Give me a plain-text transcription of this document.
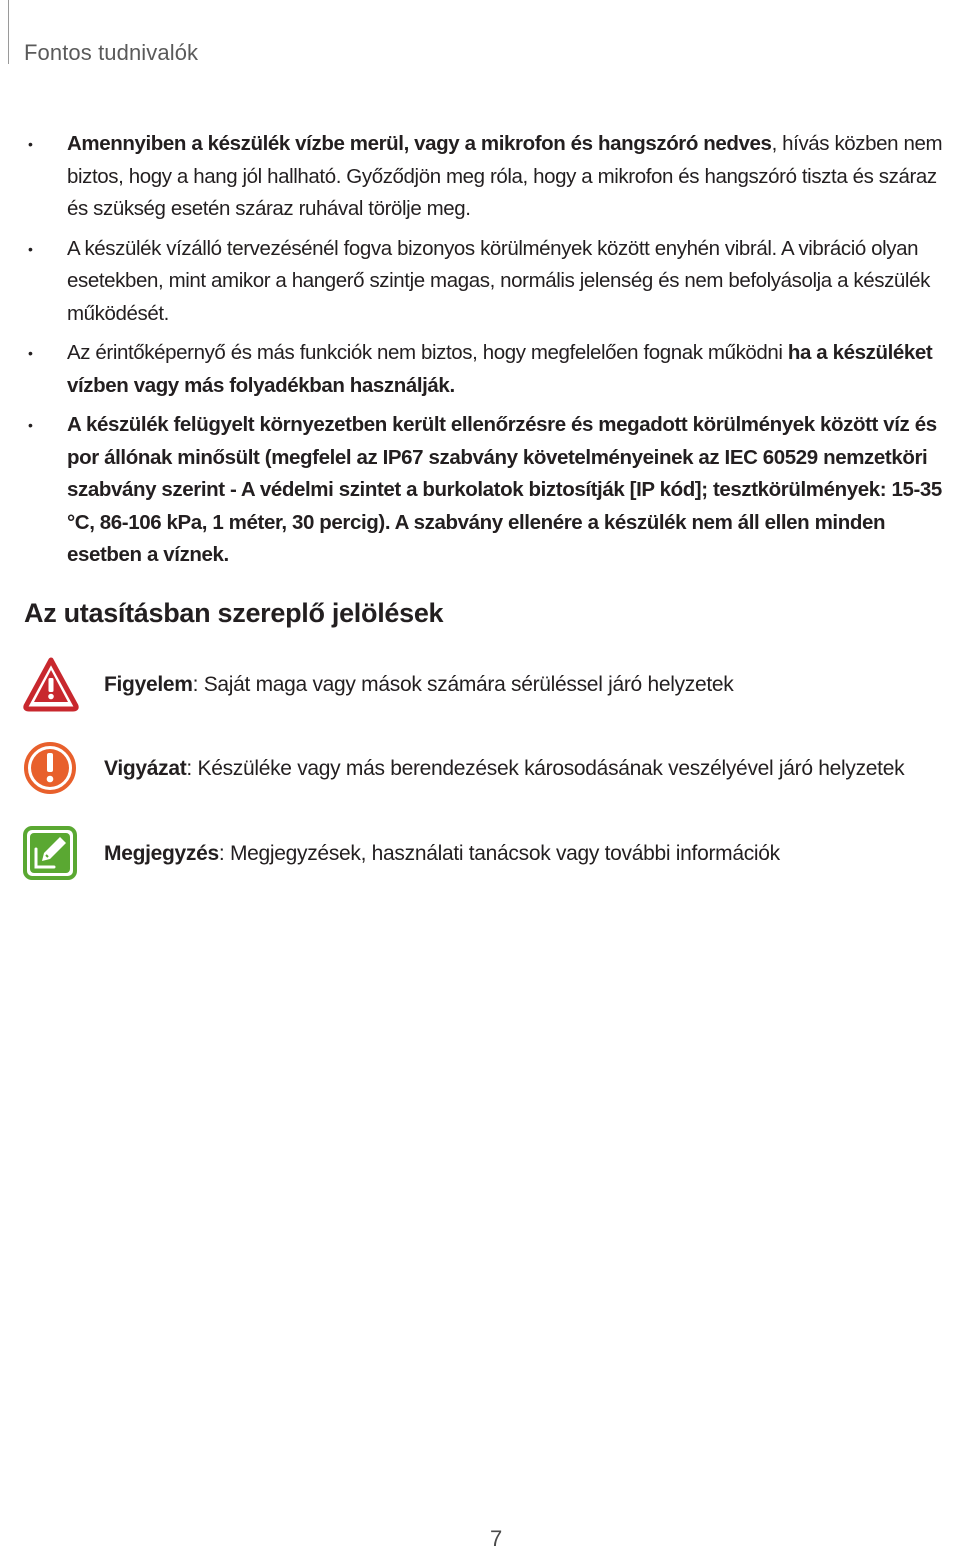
Fontos tudnivalók
• Amennyiben a készülék vízbe merül, vagy a mikrofon és hangszóró nedves, hívás közben nem biztos, hogy a hang jól hallható. Győződjön meg róla, hogy a mikrofon és hangszóró tiszta és száraz és szükség esetén száraz ruhával törölje meg.
• A készülék vízálló tervezésénél fogva bizonyos körülmények között enyhén vibrál. A vibráció olyan esetekben, mint amikor a hangerő szintje magas, normális jelenség és nem befolyásolja a készülék működését.
• Az érintőképernyő és más funkciók nem biztos, hogy megfelelően fognak működni ha a készüléket vízben vagy más folyadékban használják.
• A készülék felügyelt környezetben került ellenőrzésre és megadott körülmények között víz és por állónak minősült (megfelel az IP67 szabvány követelményeinek az IEC 60529 nemzetköri szabvány szerint - A védelmi szintet a burkolatok biztosítják [IP kód]; tesztkörülmények: 15-35 °C, 86-106 kPa, 1 méter, 30 percig). A szabvány ellenére a készülék nem áll ellen minden esetben a víznek.
Az utasításban szereplő jelölések
Figyelem: Saját maga vagy mások számára sérüléssel járó helyzetek
Vigyázat: Készüléke vagy más berendezések károsodásának veszélyével járó helyzetek
Megjegyzés: Megjegyzések, használati tanácsok vagy további információk
7
